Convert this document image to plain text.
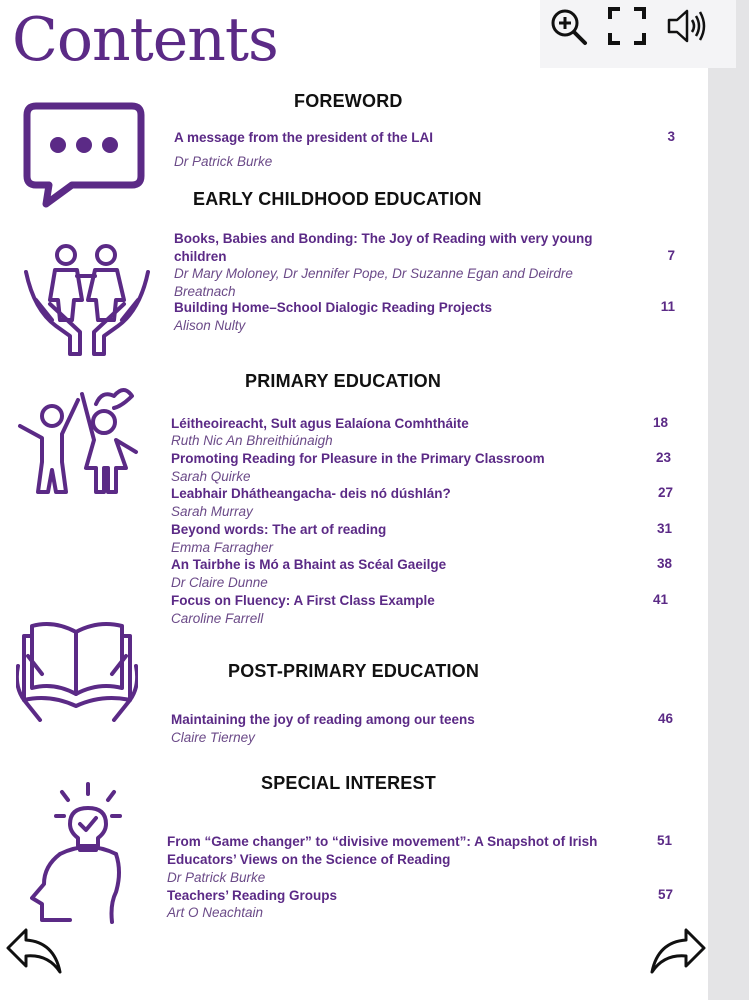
Contents
FOREWORD
A message from the president of the LAI	3
Dr Patrick Burke
EARLY CHILDHOOD EDUCATION
Books, Babies and Bonding: The Joy of Reading with very young
children	7
Dr Mary Moloney, Dr Jennifer Pope, Dr Suzanne Egan and Deirdre
Breatnach
Building Home–School Dialogic Reading Projects	11
Alison Nulty
PRIMARY EDUCATION
Léitheoireacht, Sult agus Ealaíona Comhtháite	18
Ruth Nic An Bhreithiúnaigh
Promoting Reading for Pleasure in the Primary Classroom	23
Sarah Quirke
Leabhair Dhátheangacha- deis nó dúshlán?	27
Sarah Murray
Beyond words: The art of reading	31
Emma Farragher
An Tairbhe is Mó a Bhaint as Scéal Gaeilge	38
Dr Claire Dunne
Focus on Fluency: A First Class Example	41
Caroline Farrell
POST-PRIMARY EDUCATION
Maintaining the joy of reading among our teens	46
Claire Tierney
SPECIAL INTEREST
From “Game changer” to “divisive movement”: A Snapshot of Irish	51
Educators’ Views on the Science of Reading
Dr Patrick Burke
Teachers’ Reading Groups	57
Art O Neachtain
